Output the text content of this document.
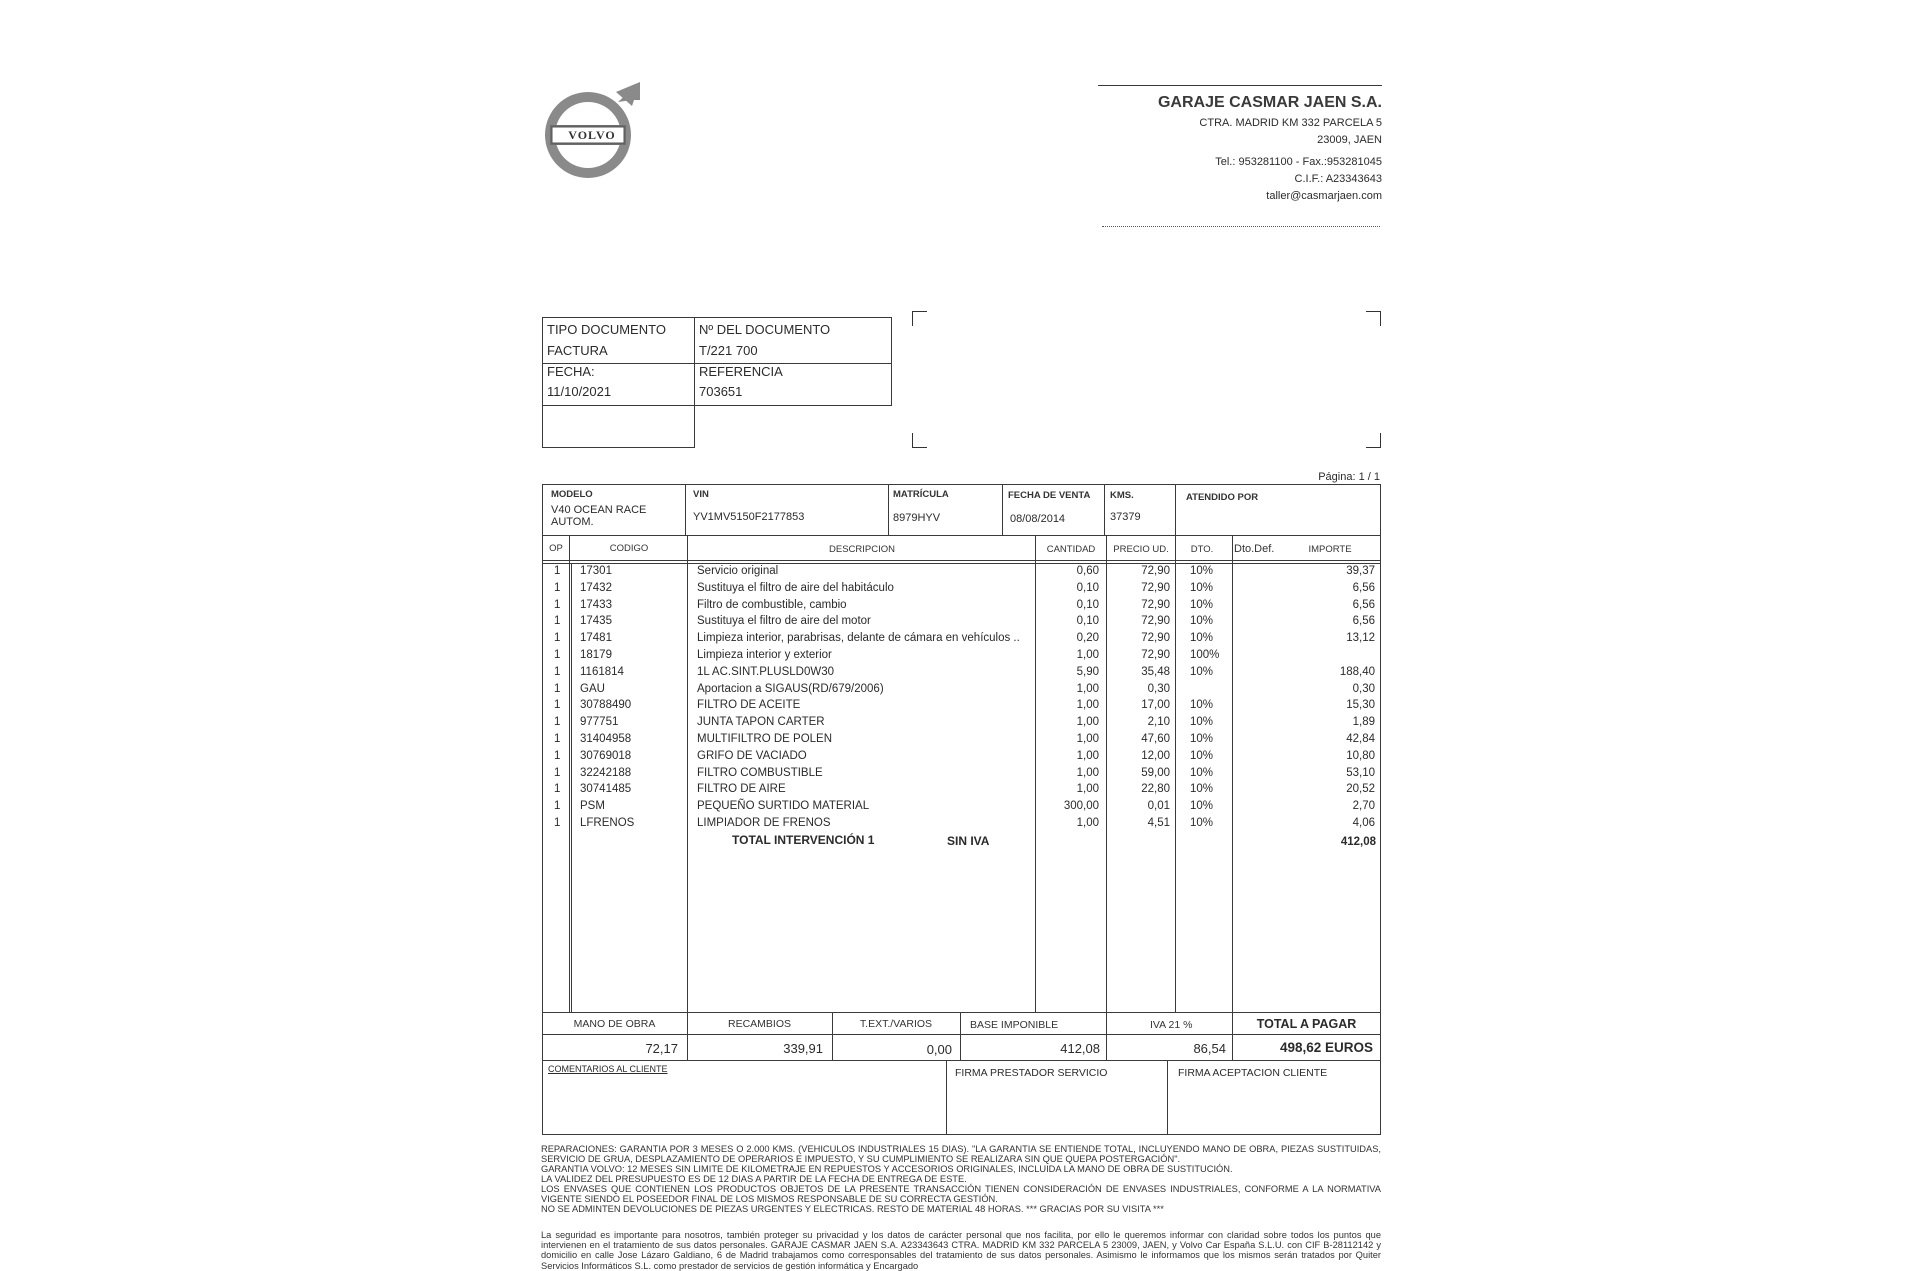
VOLVO
GARAJE CASMAR JAEN S.A.
CTRA. MADRID KM 332 PARCELA 5
23009, JAEN
Tel.: 953281100 - Fax.:953281045
C.I.F.: A23343643
taller@casmarjaen.com
TIPO DOCUMENTO
FACTURA
Nº DEL DOCUMENTO
T/221 700
FECHA:
11/10/2021
REFERENCIA
703651
Página: 1 / 1
MODELO
V40 OCEAN RACE
AUTOM.
VIN
YV1MV5150F2177853
MATRÍCULA
8979HYV
FECHA DE VENTA
08/08/2014
KMS.
37379
ATENDIDO POR
OP	CODIGO	DESCRIPCION	CANTIDAD	PRECIO UD.	DTO.	Dto.Def.	IMPORTE
1 17301	Servicio original	0,60	72,90 10%	39,37
1 17432	Sustituya el filtro de aire del habitáculo	0,10	72,90 10%	6,56
1 17433	Filtro de combustible, cambio	0,10	72,90 10%	6,56
1 17435	Sustituya el filtro de aire del motor	0,10	72,90 10%	6,56
1 17481	Limpieza interior, parabrisas, delante de cámara en vehículos ..	0,20	72,90 10%	13,12
1 18179	Limpieza interior y exterior	1,00	72,90 100%
1 1161814	1L AC.SINT.PLUSLD0W30	5,90	35,48 10%	188,40
1 GAU	Aportacion a SIGAUS(RD/679/2006)	1,00	0,30	0,30
1 30788490	FILTRO DE ACEITE	1,00	17,00 10%	15,30
1 977751	JUNTA TAPON CARTER	1,00	2,10 10%	1,89
1 31404958	MULTIFILTRO DE POLEN	1,00	47,60 10%	42,84
1 30769018	GRIFO DE VACIADO	1,00	12,00 10%	10,80
1 32242188	FILTRO COMBUSTIBLE	1,00	59,00 10%	53,10
1 30741485	FILTRO DE AIRE	1,00	22,80 10%	20,52
1 PSM	PEQUEÑO SURTIDO MATERIAL	300,00	0,01 10%	2,70
1 LFRENOS	LIMPIADOR DE FRENOS	1,00	4,51 10%	4,06
TOTAL INTERVENCIÓN 1	SIN IVA	412,08
MANO DE OBRA
72,17
RECAMBIOS
339,91
T.EXT./VARIOS
0,00
BASE IMPONIBLE
412,08
IVA 21 %
86,54
TOTAL A PAGAR
498,62 EUROS
COMENTARIOS AL CLIENTE	FIRMA PRESTADOR SERVICIO	FIRMA ACEPTACION CLIENTE
REPARACIONES: GARANTIA POR 3 MESES O 2.000 KMS. (VEHICULOS INDUSTRIALES 15 DIAS). "LA GARANTIA SE ENTIENDE TOTAL, INCLUYENDO MANO DE OBRA, PIEZAS SUSTITUIDAS, SERVICIO DE GRUA, DESPLAZAMIENTO DE OPERARIOS E IMPUESTO, Y SU CUMPLIMIENTO SE REALIZARA SIN QUE QUEPA POSTERGACIÓN".
GARANTIA VOLVO: 12 MESES SIN LIMITE DE KILOMETRAJE EN REPUESTOS Y ACCESORIOS ORIGINALES, INCLUIDA LA MANO DE OBRA DE SUSTITUCIÓN.
LA VALIDEZ DEL PRESUPUESTO ES DE 12 DIAS A PARTIR DE LA FECHA DE ENTREGA DE ESTE.
LOS ENVASES QUE CONTIENEN LOS PRODUCTOS OBJETOS DE LA PRESENTE TRANSACCIÓN TIENEN CONSIDERACIÓN DE ENVASES INDUSTRIALES, CONFORME A LA NORMATIVA VIGENTE SIENDO EL POSEEDOR FINAL DE LOS MISMOS RESPONSABLE DE SU CORRECTA GESTIÓN.
NO SE ADMINTEN DEVOLUCIONES DE PIEZAS URGENTES Y ELECTRICAS. RESTO DE MATERIAL 48 HORAS. *** GRACIAS POR SU VISITA ***
La seguridad es importante para nosotros, también proteger su privacidad y los datos de carácter personal que nos facilita, por ello le queremos informar con claridad sobre todos los puntos que intervienen en el tratamiento de sus datos personales. GARAJE CASMAR JAEN S.A. A23343643 CTRA. MADRID KM 332 PARCELA 5 23009, JAEN, y Volvo Car España S.L.U. con CIF B-28112142 y domicilio en calle Jose Lázaro Galdiano, 6 de Madrid trabajamos como corresponsables del tratamiento de sus datos personales. Asimismo le informamos que los mismos serán tratados por Quiter Servicios Informáticos S.L. como prestador de servicios de gestión informática y Encargado
